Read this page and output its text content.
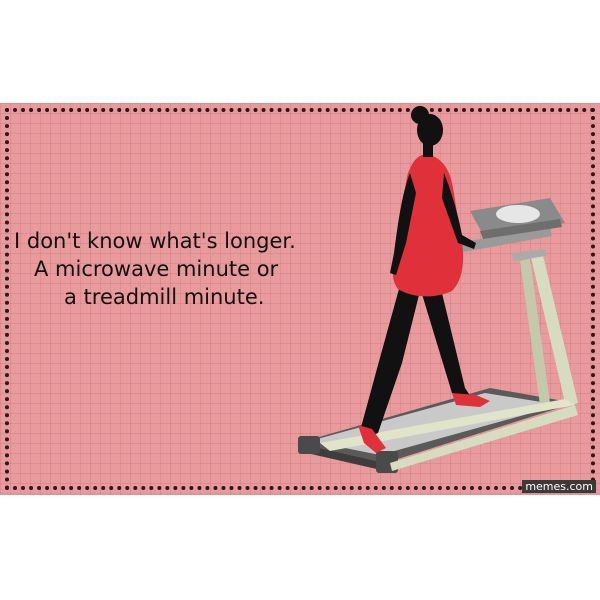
I don't know what's longer.
A microwave minute or
a treadmill minute.

memes.com
